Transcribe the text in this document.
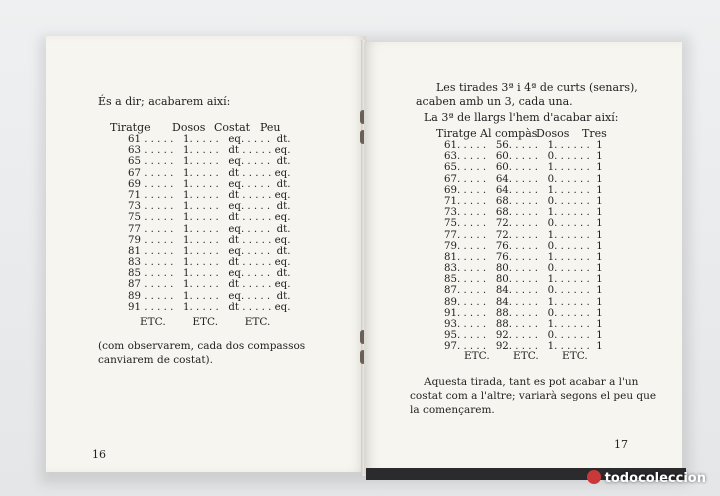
És a dir; acabarem així:
Tiratge Dosos Costat Peu
61 . . . . .   1. . . . .   eq. . . . .  dt.
63 . . . . .   1. . . . .   dt . . . . . eq.
65 . . . . .   1. . . . .   eq. . . . .  dt.
67 . . . . .   1. . . . .   dt . . . . . eq.
69 . . . . .   1. . . . .   eq. . . . .  dt.
71 . . . . .   1. . . . .   dt . . . . . eq.
73 . . . . .   1. . . . .   eq. . . . .  dt.
75 . . . . .   1. . . . .   dt . . . . . eq.
77 . . . . .   1. . . . .   eq. . . . .  dt.
79 . . . . .   1. . . . .   dt . . . . . eq.
81 . . . . .   1. . . . .   eq. . . . .  dt.
83 . . . . .   1. . . . .   dt . . . . . eq.
85 . . . . .   1. . . . .   eq. . . . .  dt.
87 . . . . .   1. . . . .   dt . . . . . eq.
89 . . . . .   1. . . . .   eq. . . . .  dt.
91 . . . . .   1. . . . .   dt . . . . . eq.
ETC.        ETC.        ETC.
(com observarem, cada dos compassos
canviarem de costat).
16
Les tirades 3ª i 4ª de curts (senars),
acaben amb un 3, cada una.
La 3ª de llargs l'hem d'acabar així:
Tiratge Al compàs
Dosos Tres
61. . . . .   56. . . . .   1. . . . . .  1
63. . . . .   60. . . . .   0. . . . . .  1
65. . . . .   60. . . . .   1. . . . . .  1
67. . . . .   64. . . . .   0. . . . . .  1
69. . . . .   64. . . . .   1. . . . . .  1
71. . . . .   68. . . . .   0. . . . . .  1
73. . . . .   68. . . . .   1. . . . . .  1
75. . . . .   72. . . . .   0. . . . . .  1
77. . . . .   72. . . . .   1. . . . . .  1
79. . . . .   76. . . . .   0. . . . . .  1
81. . . . .   76. . . . .   1. . . . . .  1
83. . . . .   80. . . . .   0. . . . . .  1
85. . . . .   80. . . . .   1. . . . . .  1
87. . . . .   84. . . . .   0. . . . . .  1
89. . . . .   84. . . . .   1. . . . . .  1
91. . . . .   88. . . . .   0. . . . . .  1
93. . . . .   88. . . . .   1. . . . . .  1
95. . . . .   92. . . . .   0. . . . . .  1
97. . . . .   92. . . . .   1. . . . . .  1
ETC.       ETC.       ETC.
Aquesta tirada, tant es pot acabar a l'un
costat com a l'altre; variarà segons el peu que
la començarem.
17
todocoleccion
